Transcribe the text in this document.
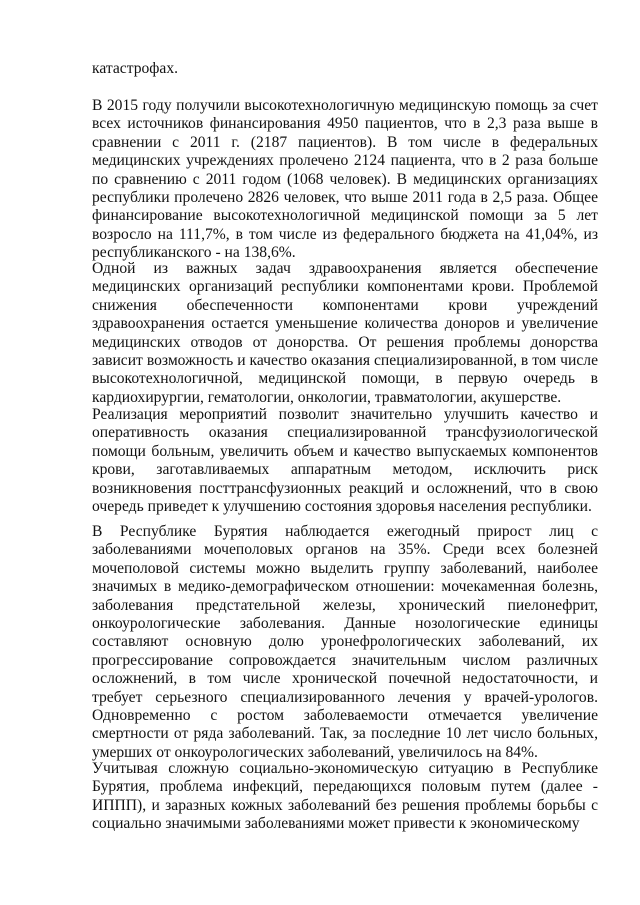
катастрофах.

В 2015 году получили высокотехнологичную медицинскую помощь за счет всех источников финансирования 4950 пациентов, что в 2,3 раза выше в сравнении с 2011 г. (2187 пациентов). В том числе в федеральных медицинских учреждениях пролечено 2124 пациента, что в 2 раза больше по сравнению с 2011 годом (1068 человек). В медицинских организациях республики пролечено 2826 человек, что выше 2011 года в 2,5 раза. Общее финансирование высокотехнологичной медицинской помощи за 5 лет возросло на 111,7%, в том числе из федерального бюджета на 41,04%, из республиканского - на 138,6%.

Одной из важных задач здравоохранения является обеспечение медицинских организаций республики компонентами крови. Проблемой снижения обеспеченности компонентами крови учреждений здравоохранения остается уменьшение количества доноров и увеличение медицинских отводов от донорства. От решения проблемы донорства зависит возможность и качество оказания специализированной, в том числе высокотехнологичной, медицинской помощи, в первую очередь в кардиохирургии, гематологии, онкологии, травматологии, акушерстве.

Реализация мероприятий позволит значительно улучшить качество и оперативность оказания специализированной трансфузиологической помощи больным, увеличить объем и качество выпускаемых компонентов крови, заготавливаемых аппаратным методом, исключить риск возникновения посттрансфузионных реакций и осложнений, что в свою очередь приведет к улучшению состояния здоровья населения республики.

В Республике Бурятия наблюдается ежегодный прирост лиц с заболеваниями мочеполовых органов на 35%. Среди всех болезней мочеполовой системы можно выделить группу заболеваний, наиболее значимых в медико-демографическом отношении: мочекаменная болезнь, заболевания предстательной железы, хронический пиелонефрит, онкоурологические заболевания. Данные нозологические единицы составляют основную долю уронефрологических заболеваний, их прогрессирование сопровождается значительным числом различных осложнений, в том числе хронической почечной недостаточности, и требует серьезного специализированного лечения у врачей-урологов. Одновременно с ростом заболеваемости отмечается увеличение смертности от ряда заболеваний. Так, за последние 10 лет число больных, умерших от онкоурологических заболеваний, увеличилось на 84%.

Учитывая сложную социально-экономическую ситуацию в Республике Бурятия, проблема инфекций, передающихся половым путем (далее - ИППП), и заразных кожных заболеваний без решения проблемы борьбы с социально значимыми заболеваниями может привести к экономическому
